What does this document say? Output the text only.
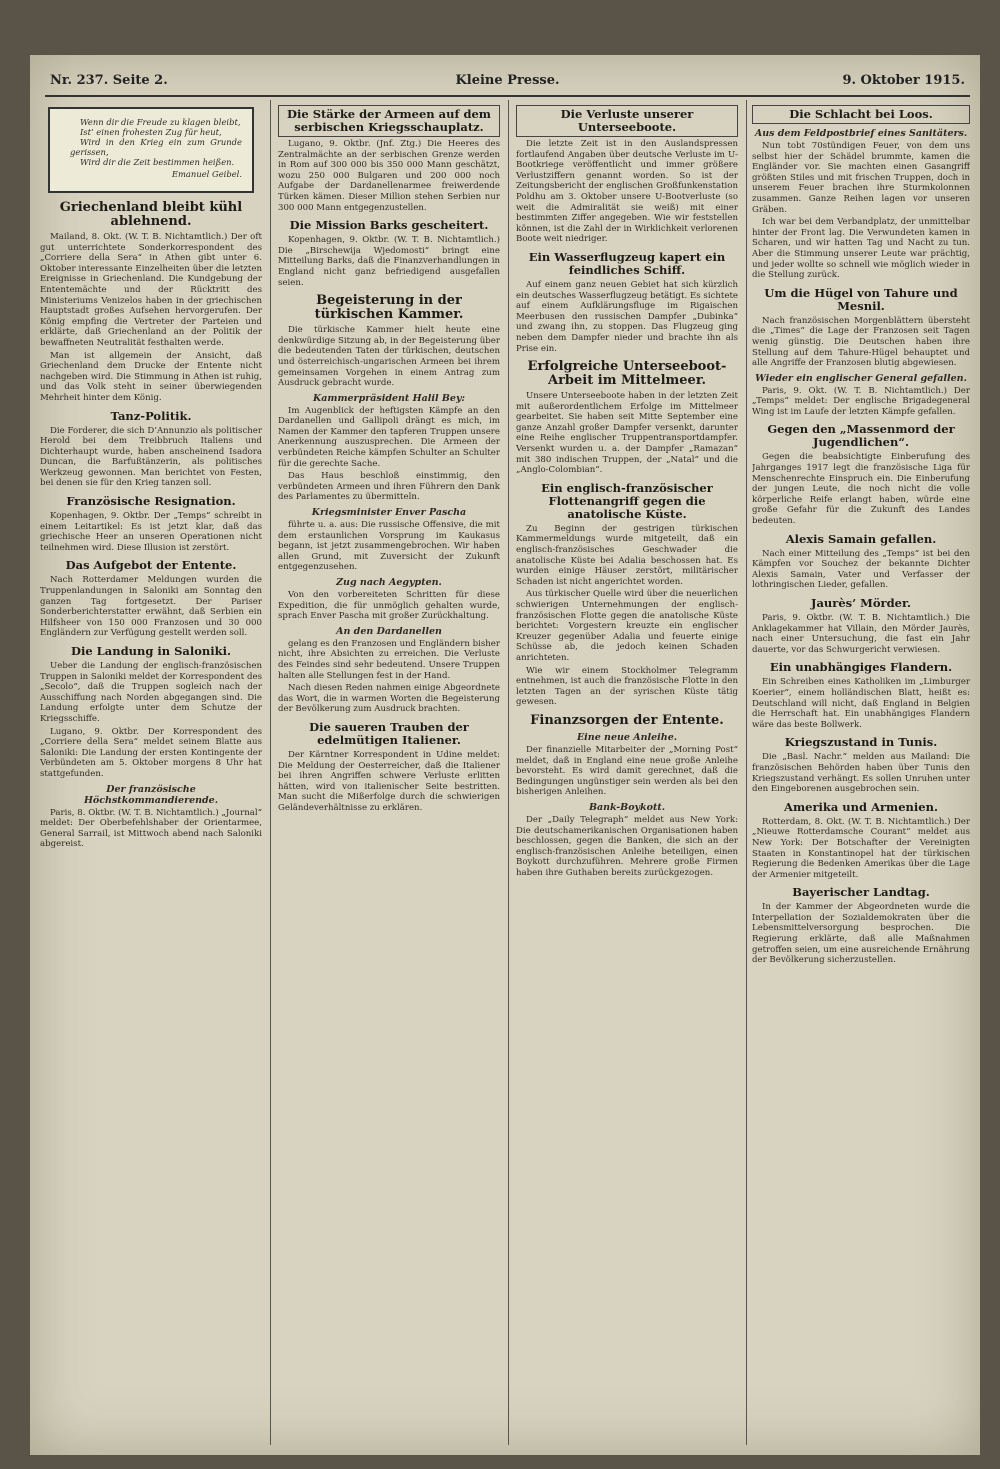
Nr. 237. Seite 2.	Kleine Presse.	9. Oktober 1915.

Wenn dir die Freude zu klagen bleibt,

Ist’ einen frohesten Zug für heut,

Wird in den Krieg ein zum Grunde gerissen,

Wird dir die Zeit bestimmen heißen.

Emanuel Geibel.
Griechenland bleibt kühl ablehnend.

Mailand, 8. Okt. (W. T. B. Nichtamtlich.) Der oft gut unterrichtete Sonderkorrespondent des „Corriere della Sera“ in Athen gibt unter 6. Oktober interessante Einzelheiten über die letzten Ereignisse in Griechenland. Die Kundgebung der Ententemächte und der Rücktritt des Ministeriums Venizelos haben in der griechischen Hauptstadt großes Aufsehen hervorgerufen. Der König empfing die Vertreter der Parteien und erklärte, daß Griechenland an der Politik der bewaffneten Neutralität festhalten werde.

Man ist allgemein der Ansicht, daß Griechenland dem Drucke der Entente nicht nachgeben wird. Die Stimmung in Athen ist ruhig, und das Volk steht in seiner überwiegenden Mehrheit hinter dem König.

Tanz-Politik.

Die Forderer, die sich D’Annunzio als politischer Herold bei dem Treibbruch Italiens und Dichterhaupt wurde, haben anscheinend Isadora Duncan, die Barfußtänzerin, als politisches Werkzeug gewonnen. Man berichtet von Festen, bei denen sie für den Krieg tanzen soll.

Französische Resignation.

Kopenhagen, 9. Oktbr. Der „Temps“ schreibt in einem Leitartikel: Es ist jetzt klar, daß das griechische Heer an unseren Operationen nicht teilnehmen wird. Diese Illusion ist zerstört.

Das Aufgebot der Entente.

Nach Rotterdamer Meldungen wurden die Truppenlandungen in Saloniki am Sonntag den ganzen Tag fortgesetzt. Der Pariser Sonderberichterstatter erwähnt, daß Serbien ein Hilfsheer von 150 000 Franzosen und 30 000 Engländern zur Verfügung gestellt werden soll.

Die Landung in Saloniki.

Ueber die Landung der englisch-französischen Truppen in Saloniki meldet der Korrespondent des „Secolo“, daß die Truppen sogleich nach der Ausschiffung nach Norden abgegangen sind. Die Landung erfolgte unter dem Schutze der Kriegsschiffe.

Lugano, 9. Oktbr. Der Korrespondent des „Corriere della Sera“ meldet seinem Blatte aus Saloniki: Die Landung der ersten Kontingente der Verbündeten am 5. Oktober morgens 8 Uhr hat stattgefunden.

Der französische Höchstkommandierende.

Paris, 8. Oktbr. (W. T. B. Nichtamtlich.) „Journal“ meldet: Der Oberbefehlshaber der Orientarmee, General Sarrail, ist Mittwoch abend nach Saloniki abgereist.

Die Stärke der Armeen auf dem serbischen Kriegsschauplatz.

Lugano, 9. Oktbr. (Jnf. Ztg.) Die Heeres des Zentralmächte an der serbischen Grenze werden in Rom auf 300 000 bis 350 000 Mann geschätzt, wozu 250 000 Bulgaren und 200 000 noch Aufgabe der Dardanellenarmee freiwerdende Türken kämen. Dieser Million stehen Serbien nur 300 000 Mann entgegenzustellen.

Die Mission Barks gescheitert.

Kopenhagen, 9. Oktbr. (W. T. B. Nichtamtlich.) Die „Birschewija Wjedomosti“ bringt eine Mitteilung Barks, daß die Finanzverhandlungen in England nicht ganz befriedigend ausgefallen seien.

Begeisterung in der türkischen Kammer.

Die türkische Kammer hielt heute eine denkwürdige Sitzung ab, in der Begeisterung über die bedeutenden Taten der türkischen, deutschen und österreichisch-ungarischen Armeen bei ihrem gemeinsamen Vorgehen in einem Antrag zum Ausdruck gebracht wurde.

Kammerpräsident Halil Bey:

Im Augenblick der heftigsten Kämpfe an den Dardanellen und Gallipoli drängt es mich, im Namen der Kammer den tapferen Truppen unsere Anerkennung auszusprechen. Die Armeen der verbündeten Reiche kämpfen Schulter an Schulter für die gerechte Sache.

Das Haus beschloß einstimmig, den verbündeten Armeen und ihren Führern den Dank des Parlamentes zu übermitteln.

Kriegsminister Enver Pascha

führte u. a. aus: Die russische Offensive, die mit dem erstaunlichen Vorsprung im Kaukasus begann, ist jetzt zusammengebrochen. Wir haben allen Grund, mit Zuversicht der Zukunft entgegenzusehen.

Zug nach Aegypten.

Von den vorbereiteten Schritten für diese Expedition, die für unmöglich gehalten wurde, sprach Enver Pascha mit großer Zurückhaltung.

An den Dardanellen

gelang es den Franzosen und Engländern bisher nicht, ihre Absichten zu erreichen. Die Verluste des Feindes sind sehr bedeutend. Unsere Truppen halten alle Stellungen fest in der Hand.

Nach diesen Reden nahmen einige Abgeordnete das Wort, die in warmen Worten die Begeisterung der Bevölkerung zum Ausdruck brachten.

Die saueren Trauben der edelmütigen Italiener.

Der Kärntner Korrespondent in Udine meldet: Die Meldung der Oesterreicher, daß die Italiener bei ihren Angriffen schwere Verluste erlitten hätten, wird von italienischer Seite bestritten. Man sucht die Mißerfolge durch die schwierigen Geländeverhältnisse zu erklären.

Die Verluste unserer Unterseeboote.

Die letzte Zeit ist in den Auslandspressen fortlaufend Angaben über deutsche Verluste im U-Bootkriege veröffentlicht und immer größere Verlustziffern genannt worden. So ist der Zeitungsbericht der englischen Großfunkenstation Poldhu am 3. Oktober unsere U-Bootverluste (so weit die Admiralität sie weiß) mit einer bestimmten Ziffer angegeben. Wie wir feststellen können, ist die Zahl der in Wirklichkeit verlorenen Boote weit niedriger.

Ein Wasserflugzeug kapert ein feindliches Schiff.

Auf einem ganz neuen Gebiet hat sich kürzlich ein deutsches Wasserflugzeug betätigt. Es sichtete auf einem Aufklärungsfluge im Rigaischen Meerbusen den russischen Dampfer „Dubinka“ und zwang ihn, zu stoppen. Das Flugzeug ging neben dem Dampfer nieder und brachte ihn als Prise ein.

Erfolgreiche Unterseeboot-Arbeit im Mittelmeer.

Unsere Unterseeboote haben in der letzten Zeit mit außerordentlichem Erfolge im Mittelmeer gearbeitet. Sie haben seit Mitte September eine ganze Anzahl großer Dampfer versenkt, darunter eine Reihe englischer Truppentransportdampfer. Versenkt wurden u. a. der Dampfer „Ramazan“ mit 380 indischen Truppen, der „Natal“ und die „Anglo-Colombian“.

Ein englisch-französischer Flottenangriff gegen die anatolische Küste.

Zu Beginn der gestrigen türkischen Kammermeldungs wurde mitgeteilt, daß ein englisch-französisches Geschwader die anatolische Küste bei Adalia beschossen hat. Es wurden einige Häuser zerstört, militärischer Schaden ist nicht angerichtet worden.

Aus türkischer Quelle wird über die neuerlichen schwierigen Unternehmungen der englisch-französischen Flotte gegen die anatolische Küste berichtet: Vorgestern kreuzte ein englischer Kreuzer gegenüber Adalia und feuerte einige Schüsse ab, die jedoch keinen Schaden anrichteten.

Wie wir einem Stockholmer Telegramm entnehmen, ist auch die französische Flotte in den letzten Tagen an der syrischen Küste tätig gewesen.

Finanzsorgen der Entente.
Eine neue Anleihe.

Der finanzielle Mitarbeiter der „Morning Post“ meldet, daß in England eine neue große Anleihe bevorsteht. Es wird damit gerechnet, daß die Bedingungen ungünstiger sein werden als bei den bisherigen Anleihen.

Bank-Boykott.

Der „Daily Telegraph“ meldet aus New York: Die deutschamerikanischen Organisationen haben beschlossen, gegen die Banken, die sich an der englisch-französischen Anleihe beteiligen, einen Boykott durchzuführen. Mehrere große Firmen haben ihre Guthaben bereits zurückgezogen.

Die Schlacht bei Loos.
Aus dem Feldpostbrief eines Sanitäters.

Nun tobt 70stündigen Feuer, von dem uns selbst hier der Schädel brummte, kamen die Engländer vor. Sie machten einen Gasangriff größten Stiles und mit frischen Truppen, doch in unserem Feuer brachen ihre Sturmkolonnen zusammen. Ganze Reihen lagen vor unseren Gräben.

Ich war bei dem Verbandplatz, der unmittelbar hinter der Front lag. Die Verwundeten kamen in Scharen, und wir hatten Tag und Nacht zu tun. Aber die Stimmung unserer Leute war prächtig, und jeder wollte so schnell wie möglich wieder in die Stellung zurück.

Um die Hügel von Tahure und Mesnil.

Nach französischen Morgenblättern übersteht die „Times“ die Lage der Franzosen seit Tagen wenig günstig. Die Deutschen haben ihre Stellung auf dem Tahure-Hügel behauptet und alle Angriffe der Franzosen blutig abgewiesen.

Wieder ein englischer General gefallen.

Paris, 9. Okt. (W. T. B. Nichtamtlich.) Der „Temps“ meldet: Der englische Brigadegeneral Wing ist im Laufe der letzten Kämpfe gefallen.

Gegen den „Massenmord der Jugendlichen“.

Gegen die beabsichtigte Einberufung des Jahrganges 1917 legt die französische Liga für Menschenrechte Einspruch ein. Die Einberufung der jungen Leute, die noch nicht die volle körperliche Reife erlangt haben, würde eine große Gefahr für die Zukunft des Landes bedeuten.

Alexis Samain gefallen.

Nach einer Mitteilung des „Temps“ ist bei den Kämpfen vor Souchez der bekannte Dichter Alexis Samain, Vater und Verfasser der lothringischen Lieder, gefallen.

Jaurès’ Mörder.

Paris, 9. Oktbr. (W. T. B. Nichtamtlich.) Die Anklagekammer hat Villain, den Mörder Jaurès, nach einer Untersuchung, die fast ein Jahr dauerte, vor das Schwurgericht verwiesen.

Ein unabhängiges Flandern.

Ein Schreiben eines Katholiken im „Limburger Koerier“, einem holländischen Blatt, heißt es: Deutschland will nicht, daß England in Belgien die Herrschaft hat. Ein unabhängiges Flandern wäre das beste Bollwerk.

Kriegszustand in Tunis.

Die „Basl. Nachr.“ melden aus Mailand: Die französischen Behörden haben über Tunis den Kriegszustand verhängt. Es sollen Unruhen unter den Eingeborenen ausgebrochen sein.

Amerika und Armenien.

Rotterdam, 8. Okt. (W. T. B. Nichtamtlich.) Der „Nieuwe Rotterdamsche Courant“ meldet aus New York: Der Botschafter der Vereinigten Staaten in Konstantinopel hat der türkischen Regierung die Bedenken Amerikas über die Lage der Armenier mitgeteilt.

Bayerischer Landtag.

In der Kammer der Abgeordneten wurde die Interpellation der Sozialdemokraten über die Lebensmittelversorgung besprochen. Die Regierung erklärte, daß alle Maßnahmen getroffen seien, um eine ausreichende Ernährung der Bevölkerung sicherzustellen.
